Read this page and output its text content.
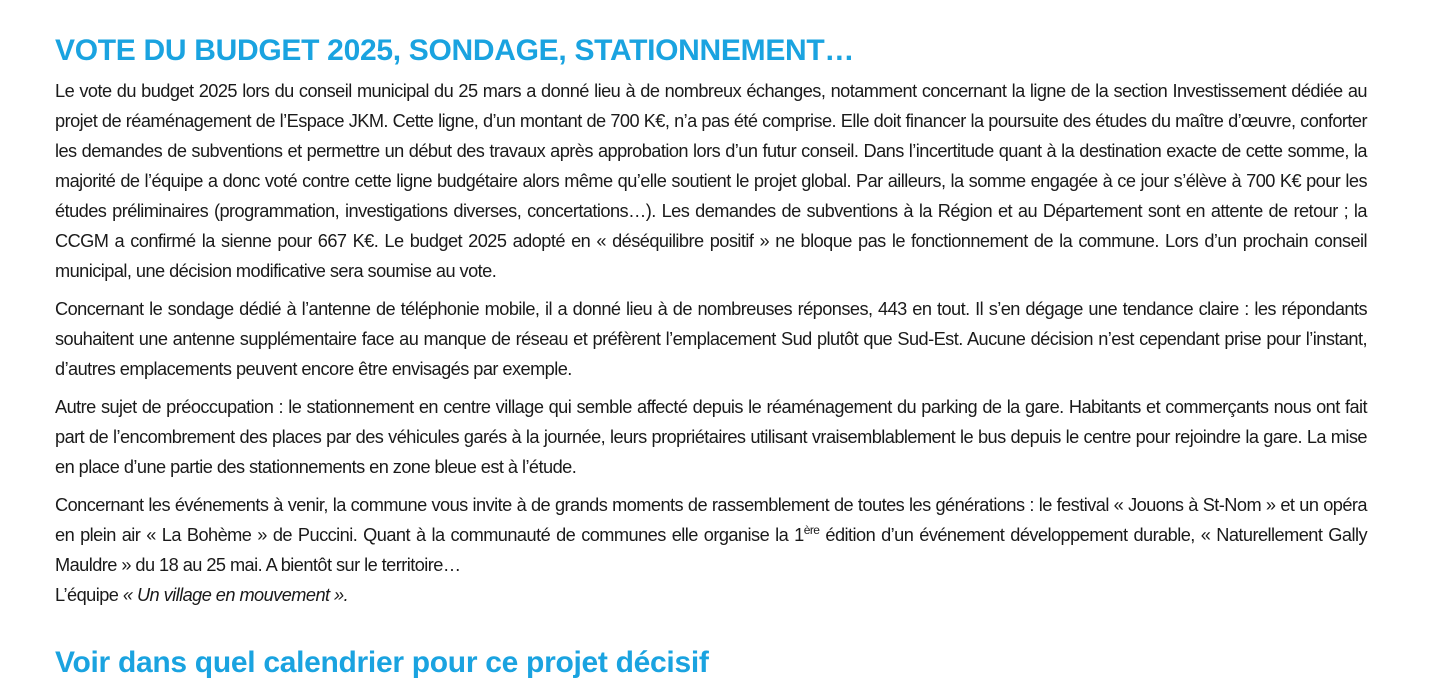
VOTE DU BUDGET 2025, SONDAGE, STATIONNEMENT…

Le vote du budget 2025 lors du conseil municipal du 25 mars a donné lieu à de nombreux échanges, notamment concernant la ligne de la section Investissement dédiée au projet de réaménagement de l’Espace JKM. Cette ligne, d’un montant de 700 K€, n’a pas été comprise. Elle doit financer la poursuite des études du maître d’œuvre, conforter les demandes de subventions et permettre un début des travaux après approbation lors d’un futur conseil. Dans l’incertitude quant à la destination exacte de cette somme, la majorité de l’équipe a donc voté contre cette ligne budgétaire alors même qu’elle soutient le projet global. Par ailleurs, la somme engagée à ce jour s’élève à 700 K€ pour les études préliminaires (programmation, investigations diverses, concertations…). Les demandes de subventions à la Région et au Département sont en attente de retour ; la CCGM a confirmé la sienne pour 667 K€. Le budget 2025 adopté en « déséquilibre positif » ne bloque pas le fonctionnement de la commune. Lors d’un prochain conseil municipal, une décision modificative sera soumise au vote.

Concernant le sondage dédié à l’antenne de téléphonie mobile, il a donné lieu à de nombreuses réponses, 443 en tout. Il s’en dégage une tendance claire : les répondants souhaitent une antenne supplémentaire face au manque de réseau et préfèrent l’emplacement Sud plutôt que Sud-Est. Aucune décision n’est cependant prise pour l’instant, d’autres emplacements peuvent encore être envisagés par exemple.

Autre sujet de préoccupation : le stationnement en centre village qui semble affecté depuis le réaménagement du parking de la gare. Habitants et commerçants nous ont fait part de l’encombrement des places par des véhicules garés à la journée, leurs propriétaires utilisant vraisemblablement le bus depuis le centre pour rejoindre la gare. La mise en place d’une partie des stationnements en zone bleue est à l’étude.

Concernant les événements à venir, la commune vous invite à de grands moments de rassemblement de toutes les générations : le festival « Jouons à St-Nom » et un opéra en plein air « La Bohème » de Puccini. Quant à la communauté de communes elle organise la 1ère édition d’un événement développement durable, « Naturellement Gally Mauldre » du 18 au 25 mai. A bientôt sur le territoire…

L’équipe « Un village en mouvement ».

Voir dans quel calendrier pour ce projet décisif
